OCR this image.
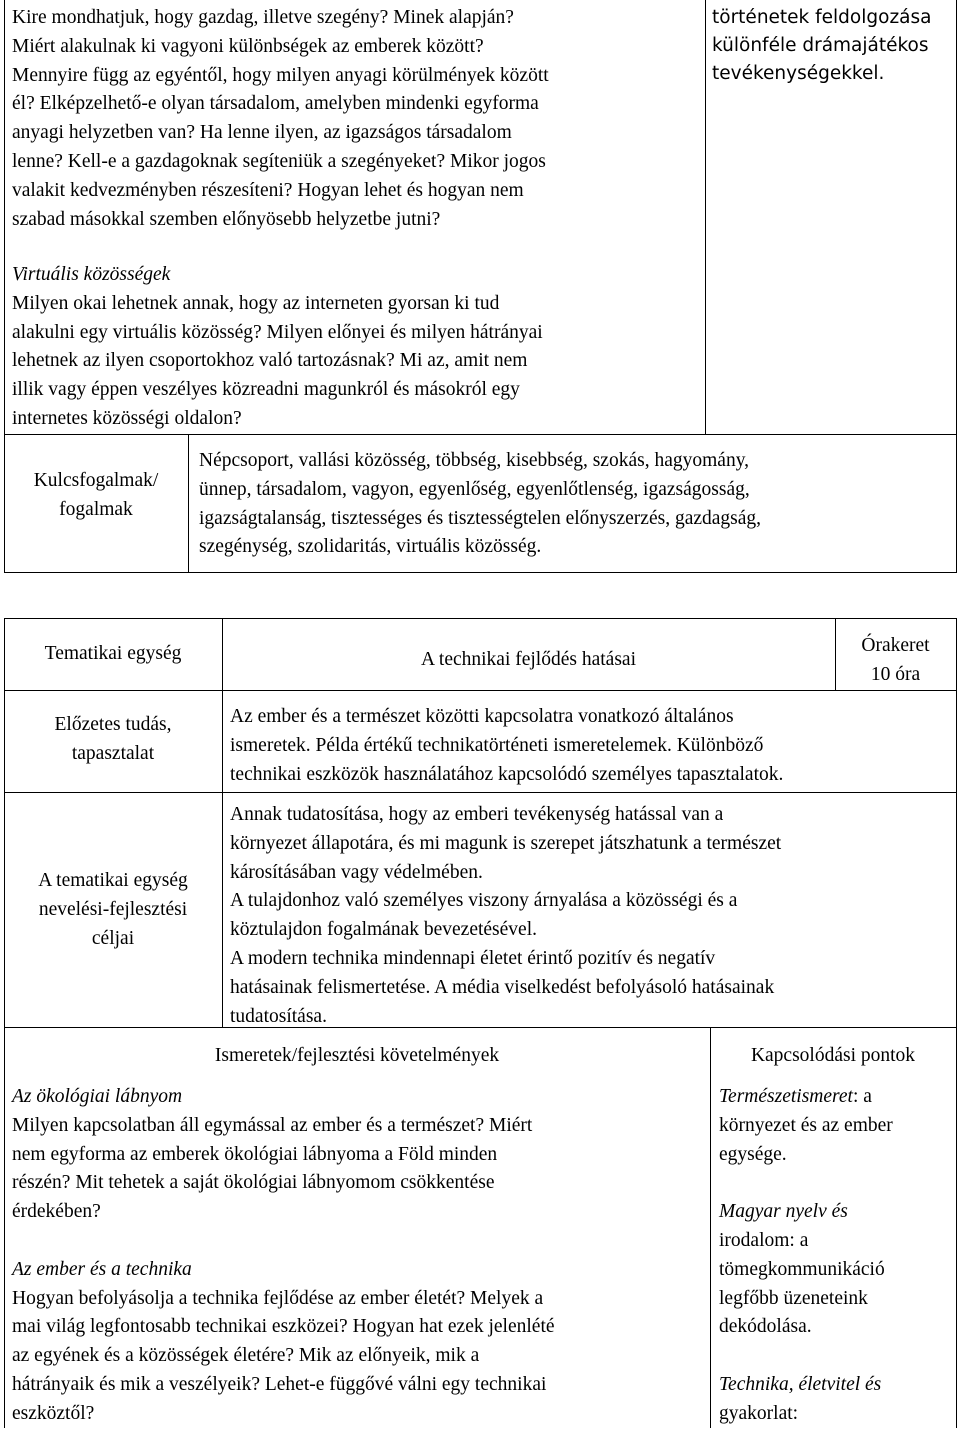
Kire mondhatjuk, hogy gazdag, illetve szegény? Minek alapján?

Miért alakulnak ki vagyoni különbségek az emberek között?

Mennyire függ az egyéntől, hogy milyen anyagi körülmények között

él? Elképzelhető-e olyan társadalom, amelyben mindenki egyforma

anyagi helyzetben van? Ha lenne ilyen, az igazságos társadalom

lenne? Kell-e a gazdagoknak segíteniük a szegényeket? Mikor jogos

valakit kedvezményben részesíteni? Hogyan lehet és hogyan nem

szabad másokkal szemben előnyösebb helyzetbe jutni?

Virtuális közösségek

Milyen okai lehetnek annak, hogy az interneten gyorsan ki tud

alakulni egy virtuális közösség? Milyen előnyei és milyen hátrányai

lehetnek az ilyen csoportokhoz való tartozásnak? Mi az, amit nem

illik vagy éppen veszélyes közreadni magunkról és másokról egy

internetes közösségi oldalon?

történetek feldolgozása

különféle drámajátékos

tevékenységekkel.

Kulcsfogalmak/

fogalmak

Népcsoport, vallási közösség, többség, kisebbség, szokás, hagyomány,

ünnep, társadalom, vagyon, egyenlőség, egyenlőtlenség, igazságosság,

igazságtalanság, tisztességes és tisztességtelen előnyszerzés, gazdagság,

szegénység, szolidaritás, virtuális közösség.

Tematikai egység	A technikai fejlődés hatásai

Órakeret

10 óra

Előzetes tudás,

tapasztalat

Az ember és a természet közötti kapcsolatra vonatkozó általános

ismeretek. Példa értékű technikatörténeti ismeretelemek. Különböző

technikai eszközök használatához kapcsolódó személyes tapasztalatok.

A tematikai egység

nevelési-fejlesztési

céljai

Annak tudatosítása, hogy az emberi tevékenység hatással van a

környezet állapotára, és mi magunk is szerepet játszhatunk a természet

károsításában vagy védelmében.

A tulajdonhoz való személyes viszony árnyalása a közösségi és a

köztulajdon fogalmának bevezetésével.

A modern technika mindennapi életet érintő pozitív és negatív

hatásainak felismertetése. A média viselkedést befolyásoló hatásainak

tudatosítása.

Ismeretek/fejlesztési követelmények	Kapcsolódási pontok

Az ökológiai lábnyom

Milyen kapcsolatban áll egymással az ember és a természet? Miért

nem egyforma az emberek ökológiai lábnyoma a Föld minden

részén? Mit tehetek a saját ökológiai lábnyomom csökkentése

érdekében?

Az ember és a technika

Hogyan befolyásolja a technika fejlődése az ember életét? Melyek a

mai világ legfontosabb technikai eszközei? Hogyan hat ezek jelenlété

az egyének és a közösségek életére? Mik az előnyeik, mik a

hátrányaik és mik a veszélyeik? Lehet-e függővé válni egy technikai

eszköztől?

Természetismeret: a

környezet és az ember

egysége.

Magyar nyelv és

irodalom: a

tömegkommunikáció

legfőbb üzeneteink

dekódolása.

Technika, életvitel és

gyakorlat:
